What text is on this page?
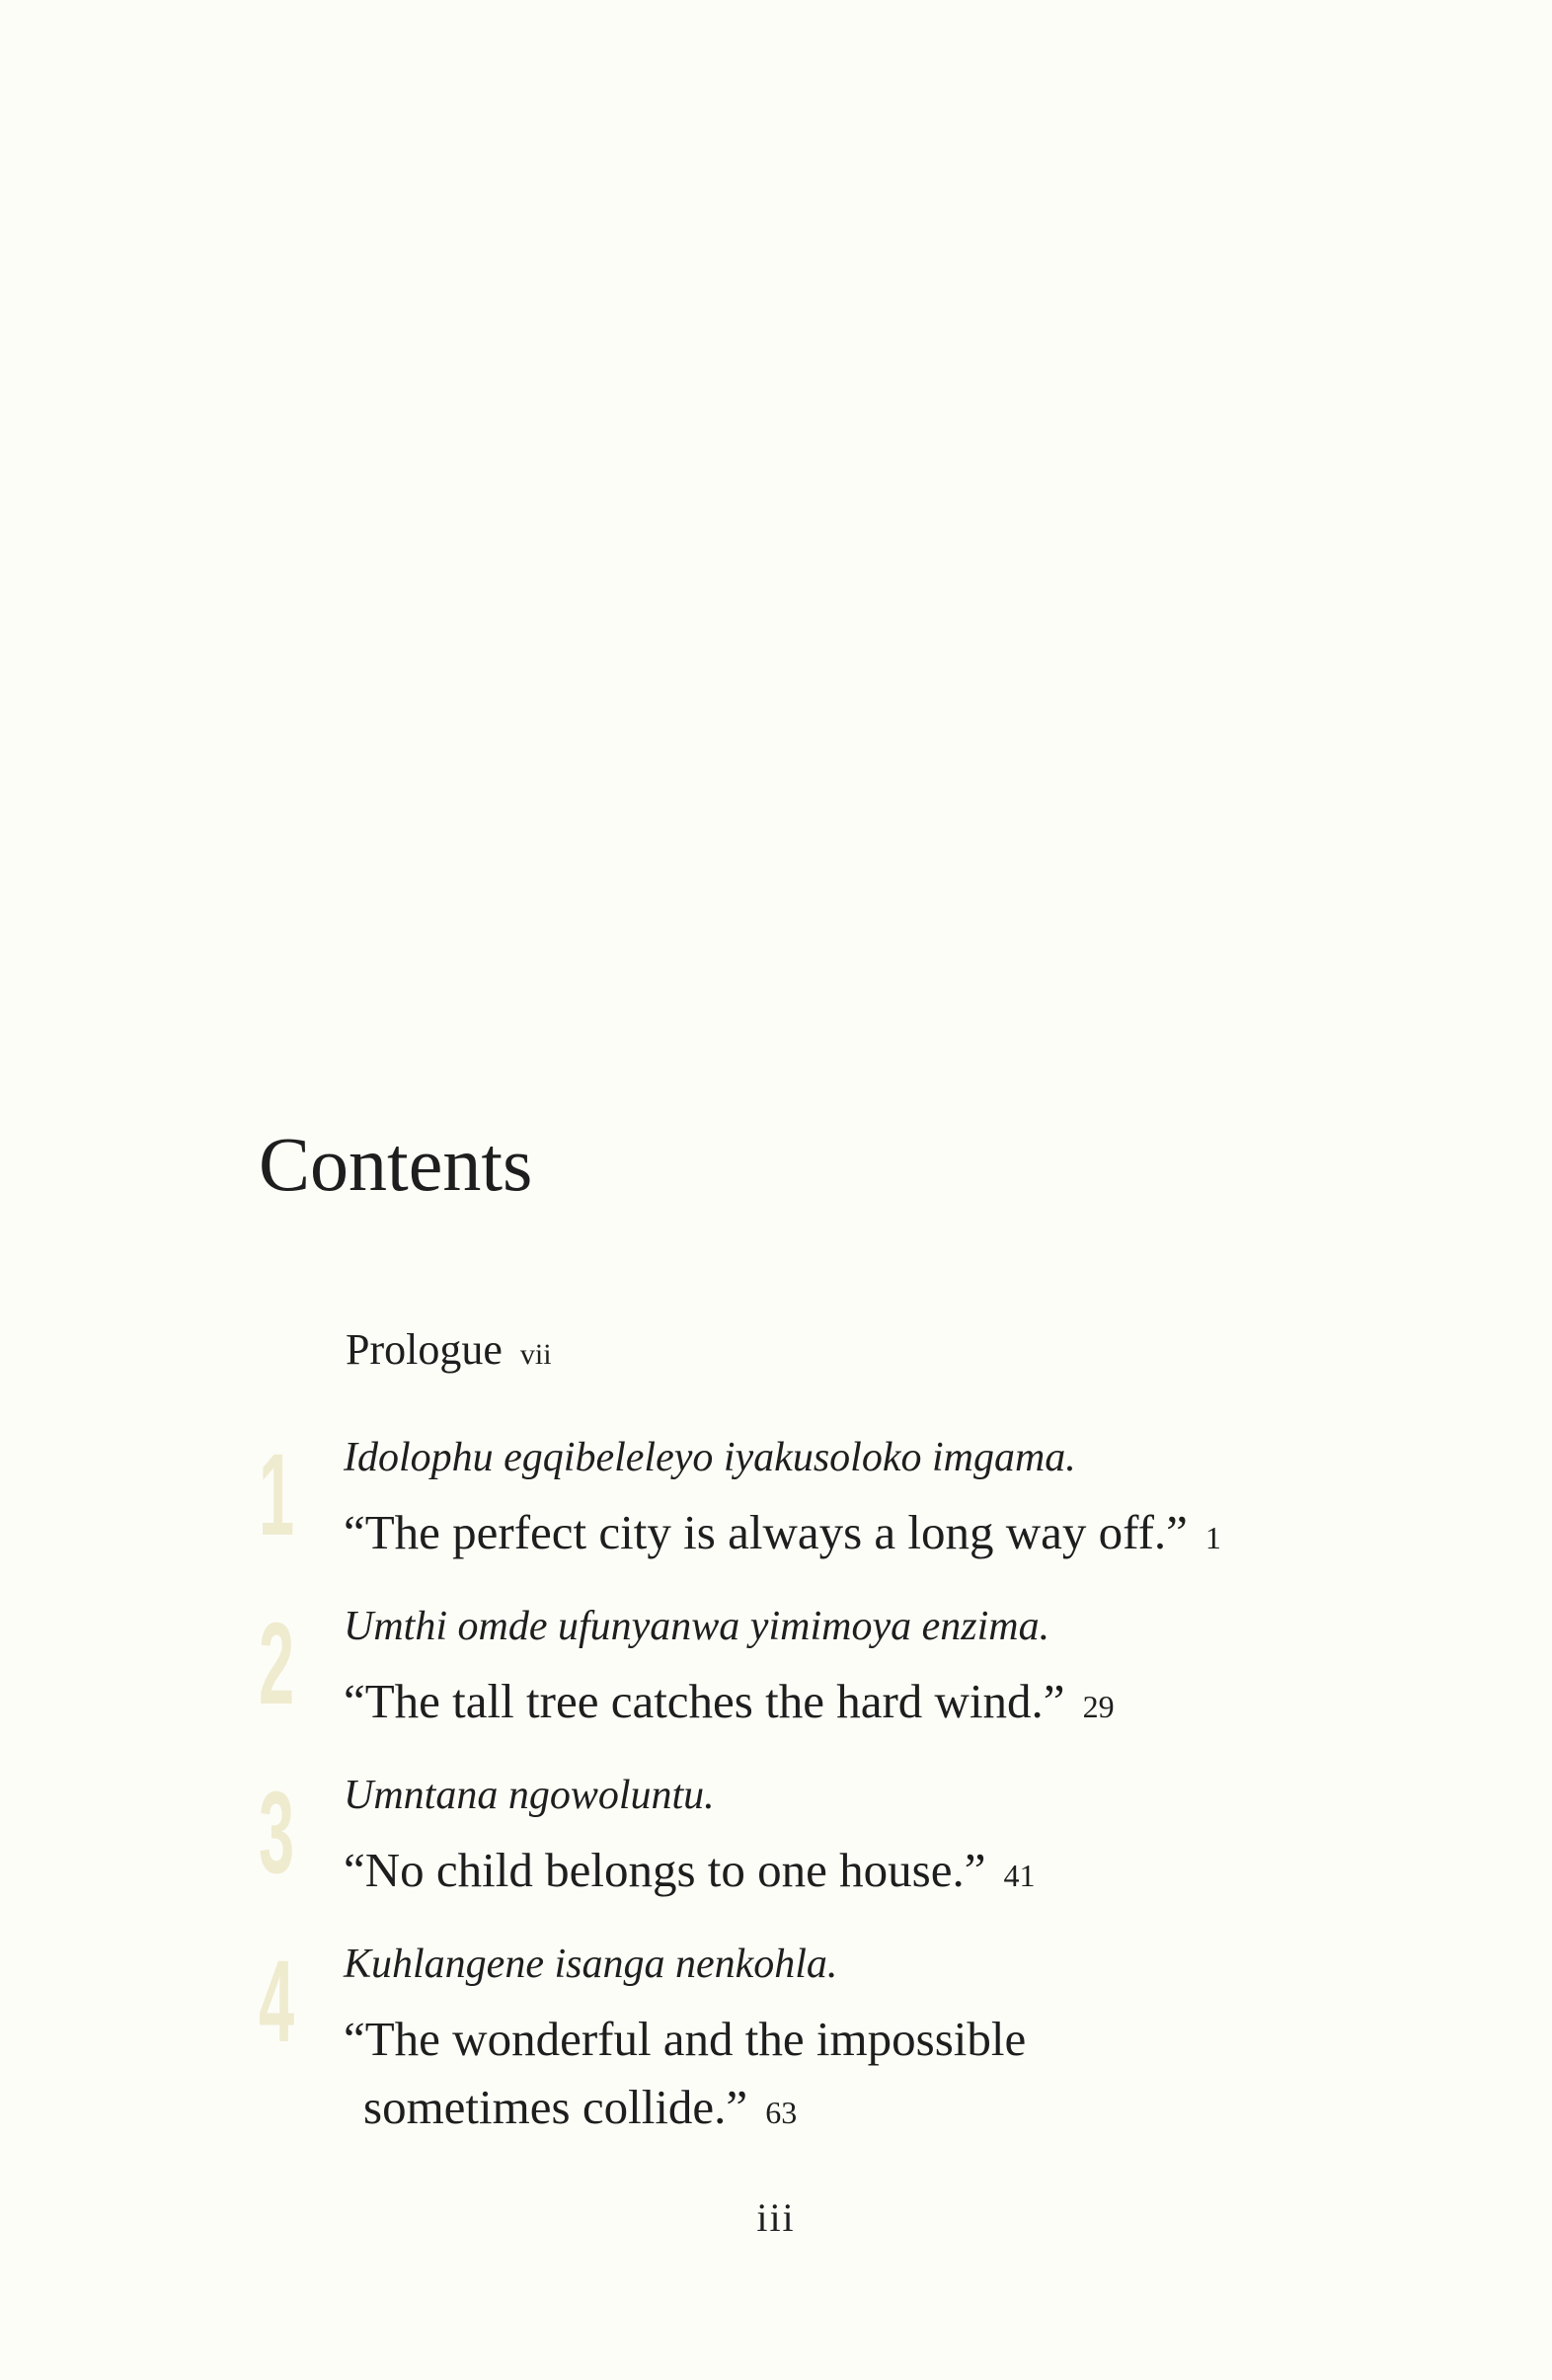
Contents
Prologue vii
1 Idolophu egqibeleleyo iyakusoloko imgama.
“The perfect city is always a long way off.” 1
2 Umthi omde ufunyanwa yimimoya enzima.
“The tall tree catches the hard wind.” 29
3 Umntana ngowoluntu.
“No child belongs to one house.” 41
4 Kuhlangene isanga nenkohla.
“The wonderful and the impossible
sometimes collide.” 63
iii
